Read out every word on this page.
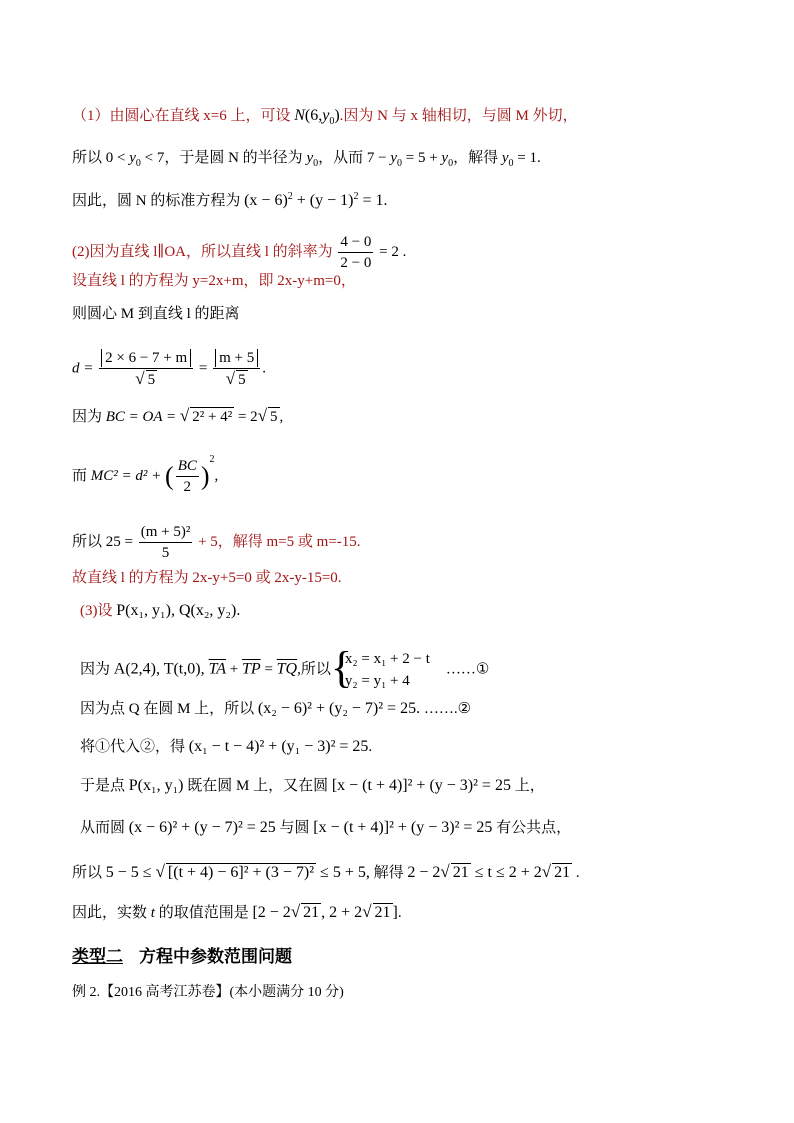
（1）由圆心在直线 x=6 上，可设 $N(6,y_0)$.因为 N 与 x 轴相切，与圆 M 外切，
所以 $0 < y_0 < 7$，于是圆 N 的半径为 $y_0$，从而 $7 - y_0 = 5 + y_0$，解得 $y_0 = 1$.
因此，圆 N 的标准方程为 $(x - 6)^2 + (y - 1)^2 = 1$.
(2)因为直线 l∥OA，所以直线 l 的斜率为 $\frac{4 - 0}{2 - 0} = 2$ .
设直线 l 的方程为 y=2x+m，即 2x-y+m=0，
则圆心 M 到直线 l 的距离
$d = \frac{2 \times 6 - 7 + m}{√ 5} = \frac{m + 5}{√ 5}$ .
因为 BC = OA = √ 2² + 4² = 2√ 5 ,
而 MC² = d² + ( $\frac{BC}{2} )^2$,
所以 $25 = \frac{\text{(m + 5)²}}{5} + 5$，解得 m=5 或 m=-15.
故直线 l 的方程为 2x-y+5=0 或 2x-y-15=0.
(3)设 P(x₁, y₁), Q(x₂, y₂).
因为 A(2,4), T(t,0), $\overline{TA} + \overline{TP} = \overline{TQ}$,所以
{ x₂ = x₁ + 2 − t
y₂ = y₁ + 4
……①
因为点 Q 在圆 M 上，所以 (x₂ − 6)² + (y₂ − 7)² = 25. …….②
将①代入②，得 (x₁ − t − 4)² + (y₁ − 3)² = 25.
于是点 P(x₁, y₁) 既在圆 M 上，又在圆 [x − (t + 4)]² + (y − 3)² = 25 上，
从而圆 (x − 6)² + (y − 7)² = 25 与圆 [x − (t + 4)]² + (y − 3)² = 25 有公共点，
所以 5 − 5 ≤ √ [(t + 4) − 6]² + (3 − 7)² ≤ 5 + 5, 解得 2 − 2√ 21 ≤ t ≤ 2 + 2√ 21 .
因此，实数 t 的取值范围是 [2 − 2√ 21 , 2 + 2√ 21 ].
类型二 方程中参数范围问题
例 2.【2016 高考江苏卷】(本小题满分 10 分)
